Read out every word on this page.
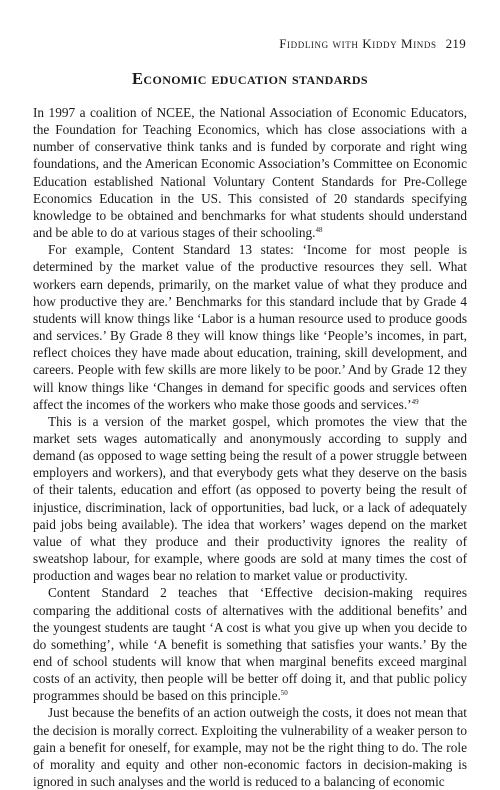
Fiddling with Kiddy Minds 219
Economic education standards

In 1997 a coalition of NCEE, the National Association of Economic Educators, the Foundation for Teaching Economics, which has close associations with a number of conservative think tanks and is funded by corporate and right wing foundations, and the American Economic Association’s Committee on Economic Education established National Voluntary Content Standards for Pre-College Economics Education in the US. This consisted of 20 standards specifying knowledge to be obtained and benchmarks for what students should understand and be able to do at various stages of their schooling.$^{48}$

For example, Content Standard 13 states: ‘Income for most people is determined by the market value of the productive resources they sell. What workers earn depends, primarily, on the market value of what they produce and how productive they are.’ Benchmarks for this standard include that by Grade 4 students will know things like ‘Labor is a human resource used to produce goods and services.’ By Grade 8 they will know things like ‘People’s incomes, in part, reflect choices they have made about education, training, skill development, and careers. People with few skills are more likely to be poor.’ And by Grade 12 they will know things like ‘Changes in demand for specific goods and services often affect the incomes of the workers who make those goods and services.’$^{49}$

This is a version of the market gospel, which promotes the view that the market sets wages automatically and anonymously according to supply and demand (as opposed to wage setting being the result of a power struggle between employers and workers), and that everybody gets what they deserve on the basis of their talents, education and effort (as opposed to poverty being the result of injustice, discrimination, lack of opportunities, bad luck, or a lack of adequately paid jobs being available). The idea that workers’ wages depend on the market value of what they produce and their productivity ignores the reality of sweatshop labour, for example, where goods are sold at many times the cost of production and wages bear no relation to market value or productivity.

Content Standard 2 teaches that ‘Effective decision-making requires comparing the additional costs of alternatives with the additional benefits’ and the youngest students are taught ‘A cost is what you give up when you decide to do something’, while ‘A benefit is something that satisfies your wants.’ By the end of school students will know that when marginal benefits exceed marginal costs of an activity, then people will be better off doing it, and that public policy programmes should be based on this principle.$^{50}$

Just because the benefits of an action outweigh the costs, it does not mean that the decision is morally correct. Exploiting the vulnerability of a weaker person to gain a benefit for oneself, for example, may not be the right thing to do. The role of morality and equity and other non-economic factors in decision-making is ignored in such analyses and the world is reduced to a balancing of economic
